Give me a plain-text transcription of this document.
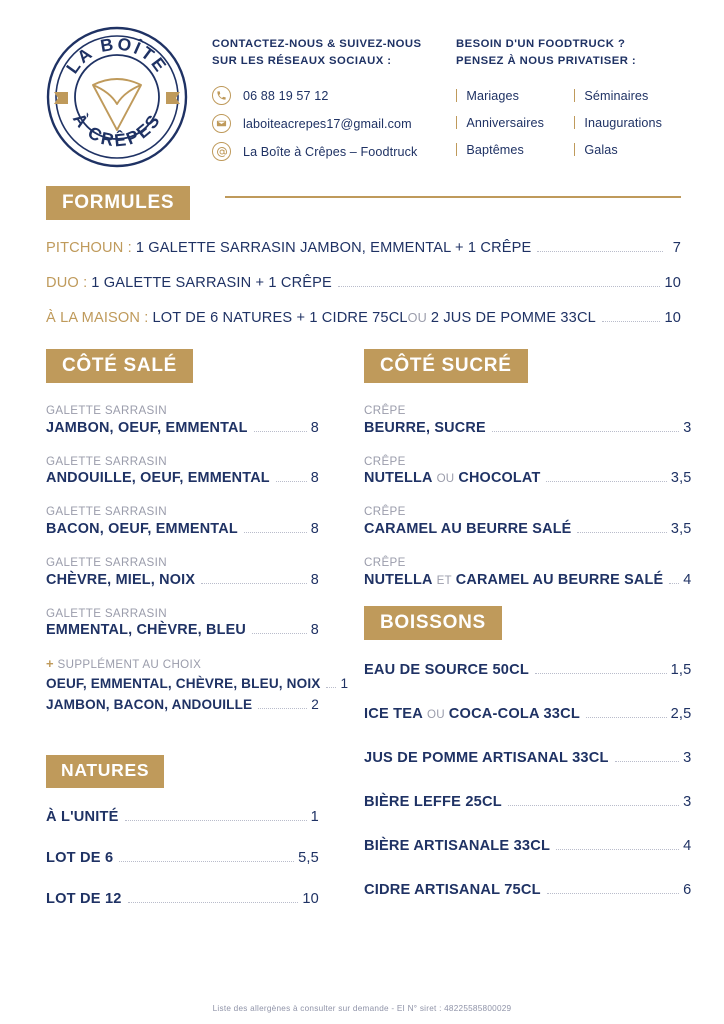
LA BOÎTE
À CRÊPES
CONTACTEZ-NOUS & SUIVEZ-NOUS
SUR LES RÉSEAUX SOCIAUX :
06 88 19 57 12
laboiteacrepes17@gmail.com
La Boîte à Crêpes – Foodtruck
BESOIN D'UN FOODTRUCK ?
PENSEZ À NOUS PRIVATISER :
Mariages	Séminaires
Anniversaires	Inaugurations
Baptêmes	Galas
FORMULES
PITCHOUN : 1 GALETTE SARRASIN JAMBON, EMMENTAL + 1 CRÊPE	7
DUO : 1 GALETTE SARRASIN + 1 CRÊPE	10
À LA MAISON : LOT DE 6 NATURES + 1 CIDRE 75CL OU 2 JUS DE POMME 33CL	10
CÔTÉ SALÉ
GALETTE SARRASIN
JAMBON, OEUF, EMMENTAL	8
GALETTE SARRASIN
ANDOUILLE, OEUF, EMMENTAL	8
GALETTE SARRASIN
BACON, OEUF, EMMENTAL	8
GALETTE SARRASIN
CHÈVRE, MIEL, NOIX	8
GALETTE SARRASIN
EMMENTAL, CHÈVRE, BLEU	8
+ SUPPLÉMENT AU CHOIX
OEUF, EMMENTAL, CHÈVRE, BLEU, NOIX 1
JAMBON, BACON, ANDOUILLE	2
NATURES
À L'UNITÉ	1
LOT DE 6	5,5
LOT DE 12	10
CÔTÉ SUCRÉ
CRÊPE
BEURRE, SUCRE	3
CRÊPE
NUTELLA OU CHOCOLAT	3,5
CRÊPE
CARAMEL AU BEURRE SALÉ	3,5
CRÊPE
NUTELLA ET CARAMEL AU BEURRE SALÉ 4
BOISSONS
EAU DE SOURCE 50CL	1,5
ICE TEA OU COCA-COLA 33CL	2,5
JUS DE POMME ARTISANAL 33CL	3
BIÈRE LEFFE 25CL	3
BIÈRE ARTISANALE 33CL	4
CIDRE ARTISANAL 75CL	6
Liste des allergènes à consulter sur demande - EI N° siret : 48225585800029
